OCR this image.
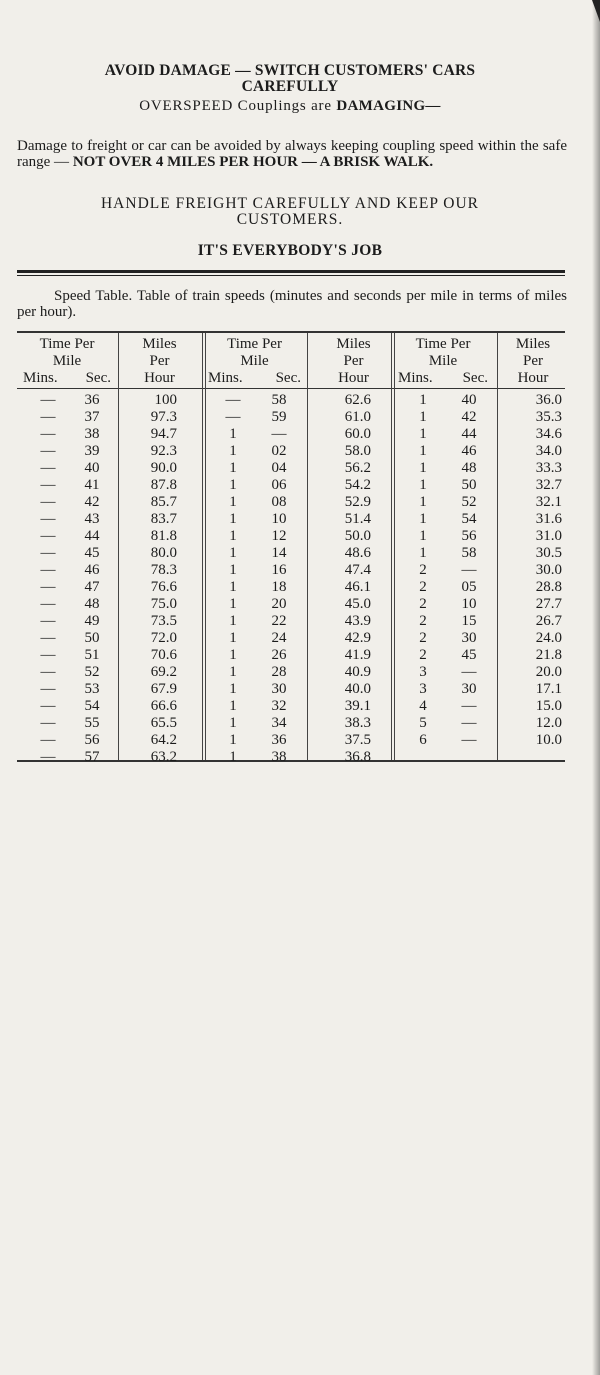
AVOID DAMAGE — SWITCH CUSTOMERS' CARS
CAREFULLY
OVERSPEED Couplings are DAMAGING—
Damage to freight or car can be avoided by always keeping coupling speed within the safe range — NOT OVER 4 MILES PER HOUR — A BRISK WALK.
HANDLE FREIGHT CAREFULLY AND KEEP OUR
CUSTOMERS.
IT'S EVERYBODY'S JOB
Speed Table. Table of train speeds (minutes and seconds per mile in terms of miles per hour).
Time Per
Mile
Mins. Sec.
Miles
Per
Hour
—	36	100
—	37	97.3
—	38	94.7
—	39	92.3
—	40	90.0
—	41	87.8
—	42	85.7
—	43	83.7
—	44	81.8
—	45	80.0
—	46	78.3
—	47	76.6
—	48	75.0
—	49	73.5
—	50	72.0
—	51	70.6
—	52	69.2
—	53	67.9
—	54	66.6
—	55	65.5
—	56	64.2
—	57	63.2
Time Per
Mile
Mins. Sec.
Miles
Per
Hour
—	58	62.6
—	59	61.0
1	—	60.0
1	02	58.0
1	04	56.2
1	06	54.2
1	08	52.9
1	10	51.4
1	12	50.0
1	14	48.6
1	16	47.4
1	18	46.1
1	20	45.0
1	22	43.9
1	24	42.9
1	26	41.9
1	28	40.9
1	30	40.0
1	32	39.1
1	34	38.3
1	36	37.5
1	38	36.8
Time Per
Mile
Mins. Sec.
Miles
Per
Hour
1	40	36.0
1	42	35.3
1	44	34.6
1	46	34.0
1	48	33.3
1	50	32.7
1	52	32.1
1	54	31.6
1	56	31.0
1	58	30.5
2	—	30.0
2	05	28.8
2	10	27.7
2	15	26.7
2	30	24.0
2	45	21.8
3	—	20.0
3	30	17.1
4	—	15.0
5	—	12.0
6	—	10.0
